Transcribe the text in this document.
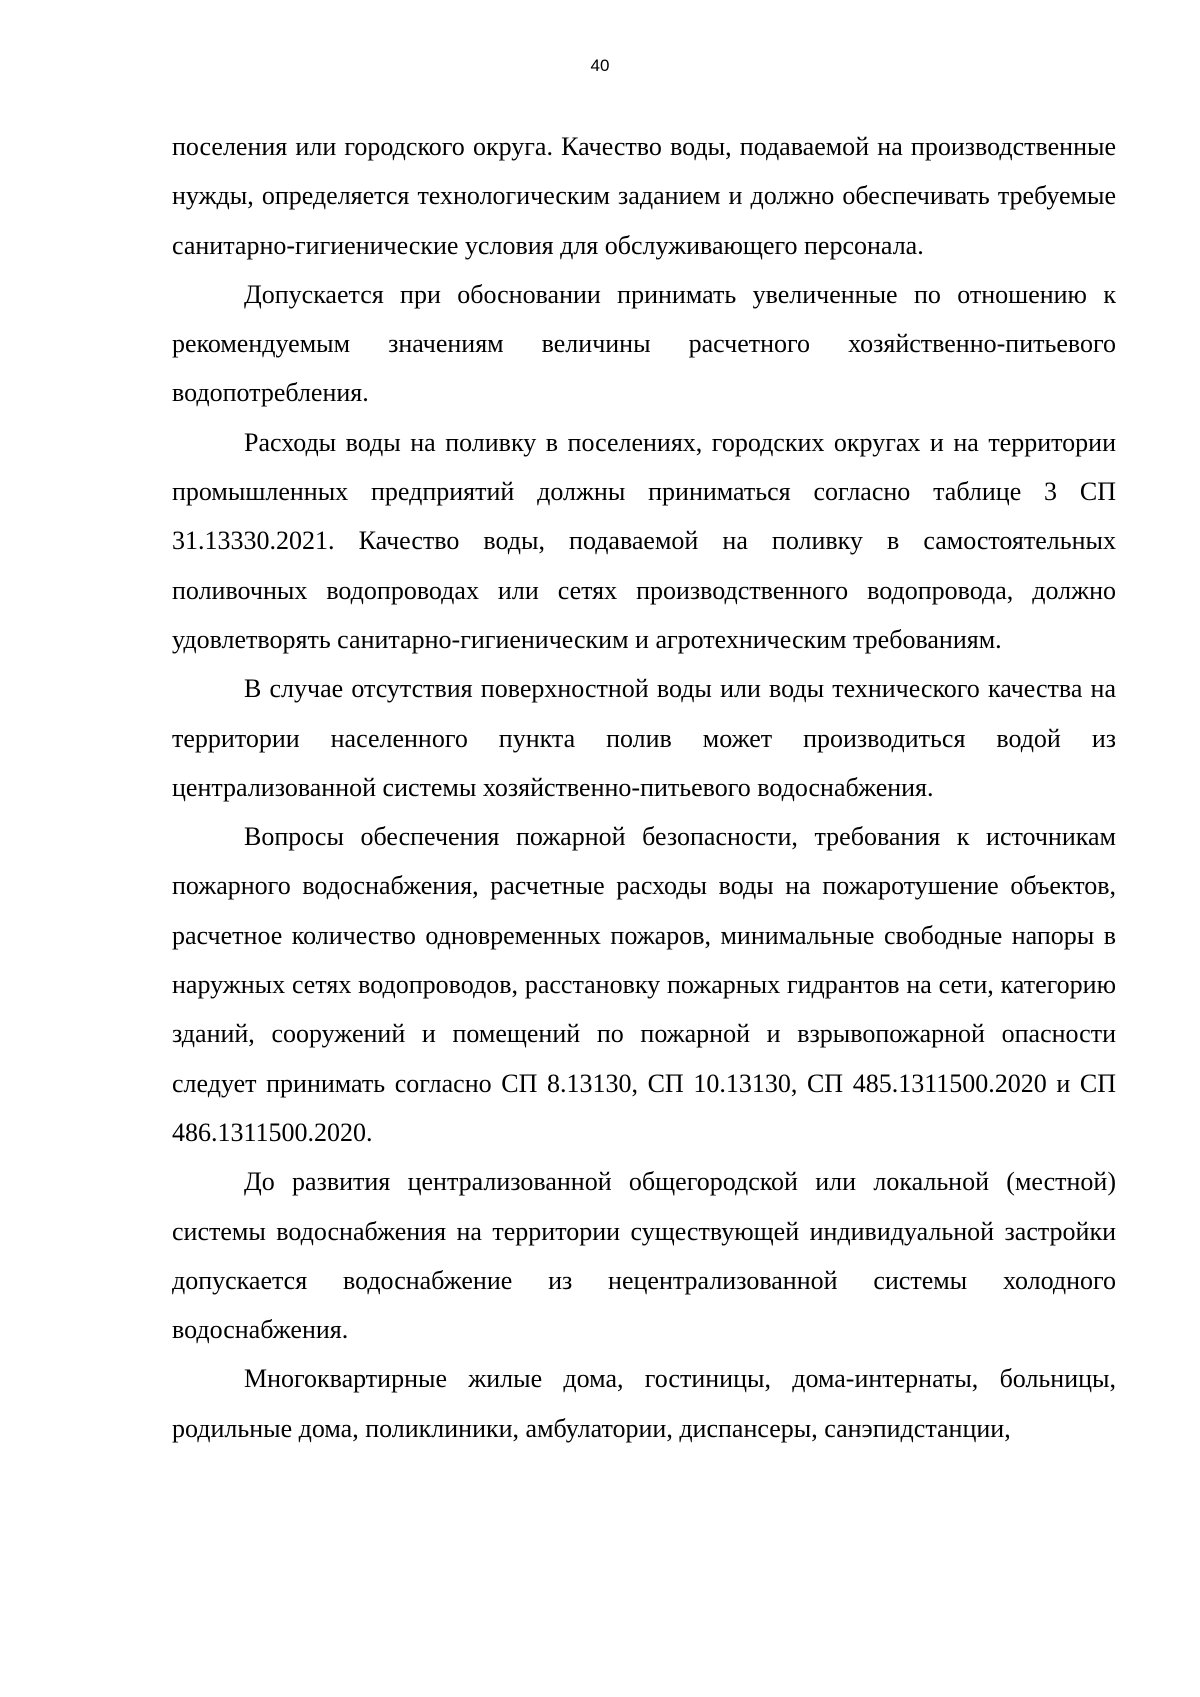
40

поселения или городского округа. Качество воды, подаваемой на производственные нужды, определяется технологическим заданием и должно обеспечивать требуемые санитарно-гигиенические условия для обслуживающего персонала.

Допускается при обосновании принимать увеличенные по отношению к рекомендуемым значениям величины расчетного хозяйственно-питьевого водопотребления.

Расходы воды на поливку в поселениях, городских округах и на территории промышленных предприятий должны приниматься согласно таблице 3 СП 31.13330.2021. Качество воды, подаваемой на поливку в самостоятельных поливочных водопроводах или сетях производственного водопровода, должно удовлетворять санитарно-гигиеническим и агротехническим требованиям.

В случае отсутствия поверхностной воды или воды технического качества на территории населенного пункта полив может производиться водой из централизованной системы хозяйственно-питьевого водоснабжения.

Вопросы обеспечения пожарной безопасности, требования к источникам пожарного водоснабжения, расчетные расходы воды на пожаротушение объектов, расчетное количество одновременных пожаров, минимальные свободные напоры в наружных сетях водопроводов, расстановку пожарных гидрантов на сети, категорию зданий, сооружений и помещений по пожарной и взрывопожарной опасности следует принимать согласно СП 8.13130, СП 10.13130, СП 485.1311500.2020 и СП 486.1311500.2020.

До развития централизованной общегородской или локальной (местной) системы водоснабжения на территории существующей индивидуальной застройки допускается водоснабжение из нецентрализованной системы холодного водоснабжения.

Многоквартирные жилые дома, гостиницы, дома-интернаты, больницы, родильные дома, поликлиники, амбулатории, диспансеры, санэпидстанции,
